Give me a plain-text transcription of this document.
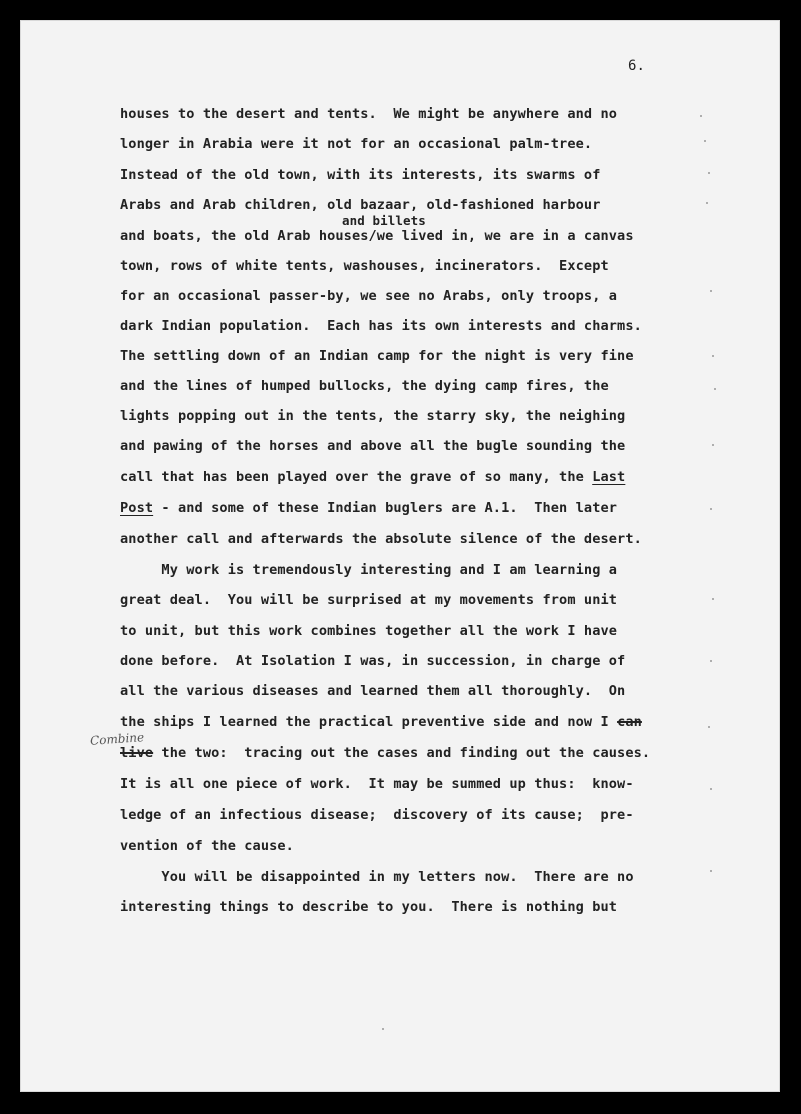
6.
houses to the desert and tents.  We might be anywhere and no
longer in Arabia were it not for an occasional palm-tree.
Instead of the old town, with its interests, its swarms of
Arabs and Arab children, old bazaar, old-fashioned harbour
and billets
and boats, the old Arab houses/we lived in, we are in a canvas
town, rows of white tents, washouses, incinerators.  Except
for an occasional passer-by, we see no Arabs, only troops, a
dark Indian population.  Each has its own interests and charms.
The settling down of an Indian camp for the night is very fine
and the lines of humped bullocks, the dying camp fires, the
lights popping out in the tents, the starry sky, the neighing
and pawing of the horses and above all the bugle sounding the
call that has been played over the grave of so many, the Last
Post - and some of these Indian buglers are A.1.  Then later
another call and afterwards the absolute silence of the desert.
My work is tremendously interesting and I am learning a
great deal.  You will be surprised at my movements from unit
to unit, but this work combines together all the work I have
done before.  At Isolation I was, in succession, in charge of
all the various diseases and learned them all thoroughly.  On
the ships I learned the practical preventive side and now I can
Combine
live the two:  tracing out the cases and finding out the causes.
It is all one piece of work.  It may be summed up thus:  know-
ledge of an infectious disease;  discovery of its cause;  pre-
vention of the cause.
You will be disappointed in my letters now.  There are no
interesting things to describe to you.  There is nothing but
